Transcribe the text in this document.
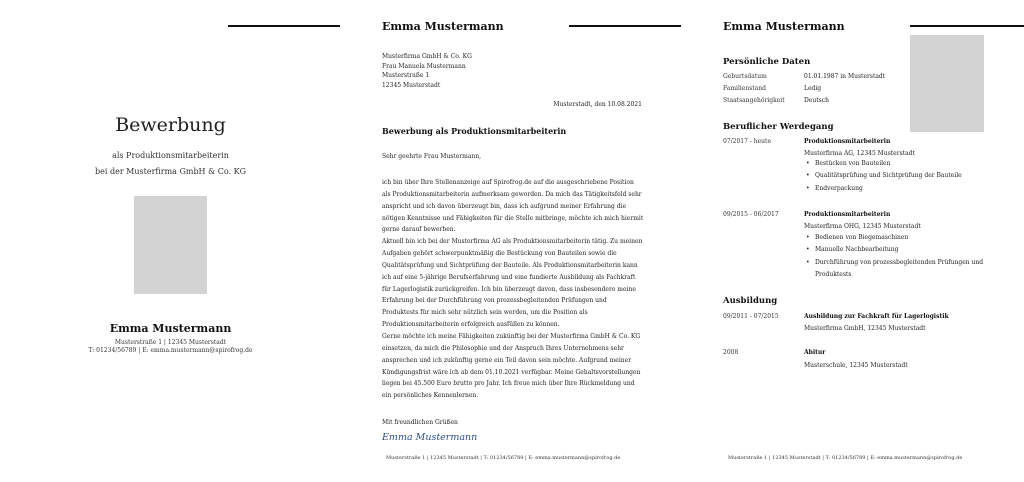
Bewerbung
als Produktionsmitarbeiterin
bei der Musterfirma GmbH & Co. KG
Emma Mustermann
Musterstraße 1 | 12345 Musterstadt
T: 01234/56789 | E: emma.mustermann@spirofrog.de
Emma Mustermann
Musterfirma GmbH & Co. KG
Frau Manuela Mustermann
Musterstraße 1
12345 Musterstadt
Musterstadt, den 10.08.2021
Bewerbung als Produktionsmitarbeiterin
Sehr geehrte Frau Mustermann,

ich bin über Ihre Stellenanzeige auf Spirofrog.de auf die ausgeschriebene Position als Produktionsmitarbeiterin aufmerksam geworden. Da mich das Tätigkeitsfeld sehr anspricht und ich davon überzeugt bin, dass ich aufgrund meiner Erfahrung die nötigen Kenntnisse und Fähigkeiten für die Stelle mitbringe, möchte ich mich hiermit gerne darauf bewerben.

Aktuell bin ich bei der Musterfirma AG als Produktionsmitarbeiterin tätig. Zu meinen Aufgaben gehört schwerpunktmäßig die Bestückung von Bauteilen sowie die Qualitätsprüfung und Sichtprüfung der Bauteile. Als Produktionsmitarbeiterin kann ich auf eine 5-jährige Berufserfahrung und eine fundierte Ausbildung als Fachkraft für Lagerlogistik zurückgreifen. Ich bin überzeugt davon, dass insbesondere meine Erfahrung bei der Durchführung von prozessbegleitenden Prüfungen und Produktests für mich sehr nützlich sein werden, um die Position als Produktionsmitarbeiterin erfolgreich ausfüllen zu können.

Gerne möchte ich meine Fähigkeiten zukünftig bei der Musterfirma GmbH & Co. KG einsetzen, da mich die Philosophie und der Anspruch Ihres Unternehmens sehr ansprechen und ich zukünftig gerne ein Teil davon sein möchte. Aufgrund meiner Kündigungsfrist wäre ich ab dem 01.10.2021 verfügbar. Meine Gehaltsvorstellungen liegen bei 45.500 Euro brutto pro Jahr. Ich freue mich über Ihre Rückmeldung und ein persönliches Kennenlernen.

Mit freundlichen Grüßen
Emma Mustermann
Musterstraße 1 | 12345 Musterstadt | T: 01234/56789 | E: emma.mustermann@spirofrog.de
Emma Mustermann
Persönliche Daten
Geburtsdatum	01.01.1987 in Musterstadt
Familienstand	Ledig
Staatsangehörigkeit	Deutsch
Beruflicher Werdegang
07/2017 - heute	Produktionsmitarbeiterin
Musterfirma AG, 12345 Musterstadt
• Bestücken von Bauteilen
• Qualitätsprüfung und Sichtprüfung der Bauteile
• Endverpackung
09/2015 - 06/2017	Produktionsmitarbeiterin
Musterfirma OHG, 12345 Musterstadt
• Bedienen von Biegemaschinen
• Manuelle Nachbearbeitung
• Durchführung von prozessbegleitenden Prüfungen und
Produktests
Ausbildung
09/2011 - 07/2015	Ausbildung zur Fachkraft für Lagerlogistik
Musterfirma GmbH, 12345 Musterstadt
2008	Abitur
Musterschule, 12345 Musterstadt
Musterstraße 1 | 12345 Musterstadt | T: 01234/56789 | E: emma.mustermann@spirofrog.de
